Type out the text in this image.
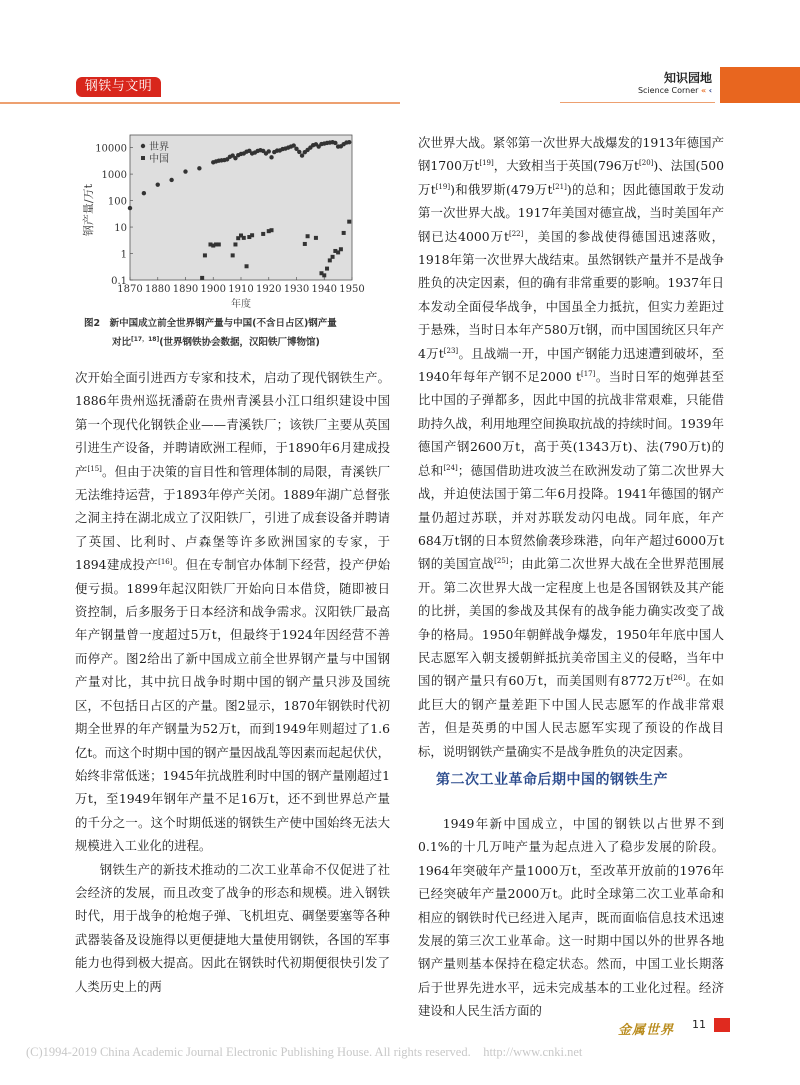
钢铁与文明
知识园地
Science Corner « ‹
0.1
1
10
100
1000
10000
1870 1880 1890 1900 1910 1920 1930 1940 1950
世界
中国
钢产量/万t
年度
图2　新中国成立前全世界钢产量与中国(不含日占区)钢产量
对比[17，18](世界钢铁协会数据，汉阳铁厂博物馆)

次开始全面引进西方专家和技术，启动了现代钢铁生产。1886年贵州巡抚潘蔚在贵州青溪县小江口组织建设中国第一个现代化钢铁企业——青溪铁厂；该铁厂主要从英国引进生产设备，并聘请欧洲工程师，于1890年6月建成投产[15]。但由于决策的盲目性和管理体制的局限，青溪铁厂无法维持运营，于1893年停产关闭。1889年湖广总督张之洞主持在湖北成立了汉阳铁厂，引进了成套设备并聘请了英国、比利时、卢森堡等许多欧洲国家的专家，于1894建成投产[16]。但在专制官办体制下经营，投产伊始便亏损。1899年起汉阳铁厂开始向日本借贷，随即被日资控制，后多服务于日本经济和战争需求。汉阳铁厂最高年产钢量曾一度超过5万t，但最终于1924年因经营不善而停产。图2给出了新中国成立前全世界钢产量与中国钢产量对比，其中抗日战争时期中国的钢产量只涉及国统区，不包括日占区的产量。图2显示，1870年钢铁时代初期全世界的年产钢量为52万t，而到1949年则超过了1.6亿t。而这个时期中国的钢产量因战乱等因素而起起伏伏，始终非常低迷；1945年抗战胜利时中国的钢产量刚超过1万t，至1949年钢年产量不足16万t，还不到世界总产量的千分之一。这个时期低迷的钢铁生产使中国始终无法大规模进入工业化的进程。

钢铁生产的新技术推动的二次工业革命不仅促进了社会经济的发展，而且改变了战争的形态和规模。进入钢铁时代，用于战争的枪炮子弹、飞机坦克、碉堡要塞等各种武器装备及设施得以更便捷地大量使用钢铁，各国的军事能力也得到极大提高。因此在钢铁时代初期便很快引发了人类历史上的两

次世界大战。紧邻第一次世界大战爆发的1913年德国产钢1700万t[19]，大致相当于英国(796万t[20])、法国(500万t[19])和俄罗斯(479万t[21])的总和；因此德国敢于发动第一次世界大战。1917年美国对德宣战，当时美国年产钢已达4000万t[22]，美国的参战使得德国迅速落败，1918年第一次世界大战结束。虽然钢铁产量并不是战争胜负的决定因素，但的确有非常重要的影响。1937年日本发动全面侵华战争，中国虽全力抵抗，但实力差距过于悬殊，当时日本年产580万t钢，而中国国统区只年产4万t[23]。且战端一开，中国产钢能力迅速遭到破坏，至1940年每年产钢不足2000 t[17]。当时日军的炮弹甚至比中国的子弹都多，因此中国的抗战非常艰难，只能借助持久战，利用地理空间换取抗战的持续时间。1939年德国产钢2600万t，高于英(1343万t)、法(790万t)的总和[24]；德国借助进攻波兰在欧洲发动了第二次世界大战，并迫使法国于第二年6月投降。1941年德国的钢产量仍超过苏联，并对苏联发动闪电战。同年底，年产684万t钢的日本贸然偷袭珍珠港，向年产超过6000万t钢的美国宣战[25]；由此第二次世界大战在全世界范围展开。第二次世界大战一定程度上也是各国钢铁及其产能的比拼，美国的参战及其保有的战争能力确实改变了战争的格局。1950年朝鲜战争爆发，1950年年底中国人民志愿军入朝支援朝鲜抵抗美帝国主义的侵略，当年中国的钢产量只有60万t，而美国则有8772万t[26]。在如此巨大的钢产量差距下中国人民志愿军的作战非常艰苦，但是英勇的中国人民志愿军实现了预设的作战目标，说明钢铁产量确实不是战争胜负的决定因素。

第二次工业革命后期中国的钢铁生产

1949年新中国成立，中国的钢铁以占世界不到0.1%的十几万吨产量为起点进入了稳步发展的阶段。1964年突破年产量1000万t，至改革开放前的1976年已经突破年产量2000万t。此时全球第二次工业革命和相应的钢铁时代已经进入尾声，既而面临信息技术迅速发展的第三次工业革命。这一时期中国以外的世界各地钢产量则基本保持在稳定状态。然而，中国工业长期落后于世界先进水平，远未完成基本的工业化过程。经济建设和人民生活方面的

金属世界 11
(C)1994-2019 China Academic Journal Electronic Publishing House. All rights reserved.    http://www.cnki.net
